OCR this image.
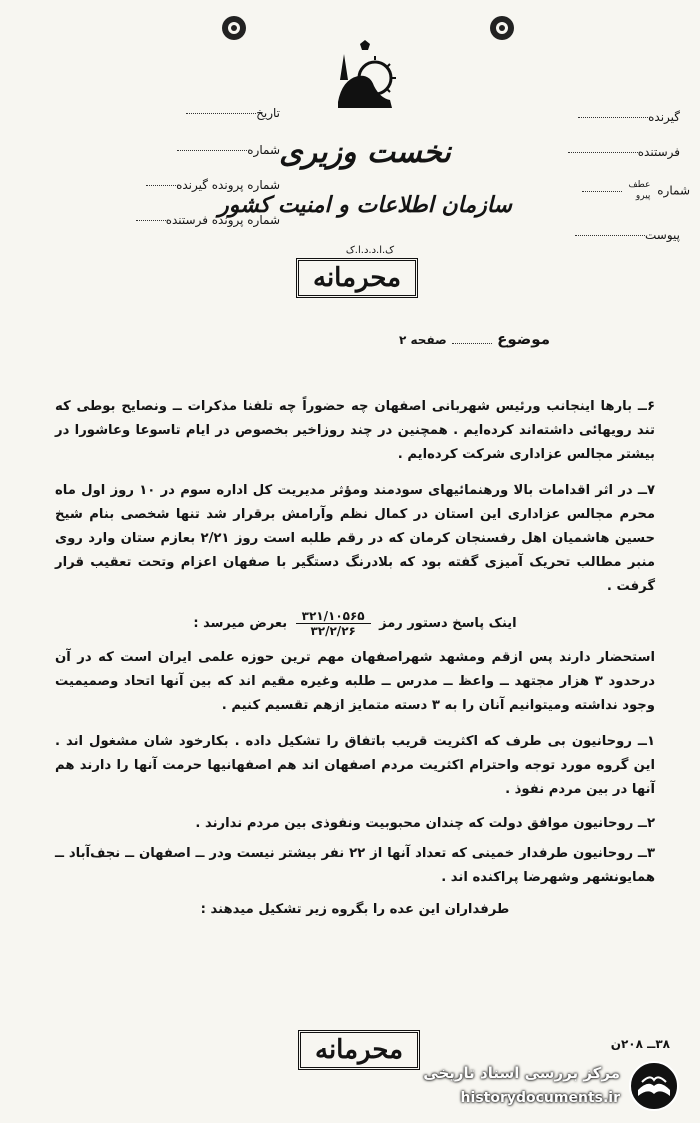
تاریخ
شماره
شماره پرونده گیرنده
شماره پرونده فرستنده
گیرنده
فرستنده
شماره
عطف
پیرو

پیوست
نخست وزیری
سازمان اطلاعات و امنیت کشور
ک.ا.د.د.ا.ک
محرمانه
موضوع  صفحه ۲

۶ــ بارها اینجانب ورئیس شهربانی اصفهان چه حضوراً چه تلفنا مذکرات ــ ونصایح بوطی که تند رویهائی داشته‌اند کرده‌ایم . همچنین در چند روزاخیر بخصوص در ایام تاسوعا وعاشورا در بیشتر مجالس عزاداری شرکت کرده‌ایم .

۷ــ در اثر اقدامات بالا ورهنمائیهای سودمند ومؤثر مدیریت کل اداره سوم در ۱۰ روز اول ماه محرم مجالس عزاداری این استان در کمال نظم وآرامش برقرار شد تنها شخصی بنام شیخ حسین هاشمیان اهل رفسنجان کرمان که در رقم طلبه است روز ۲/۲۱ بعازم ستان وارد روی منبر مطالب تحریک آمیزی گفته بود که بلادرنگ دستگیر با صفهان اعزام وتحت تعقیب قرار گرفت .

اینک پاسخ دستور رمز
$\frac{۳۲۱/۱۰۵۶۵}{۳۲/۲/۲۶}$ بعرض میرسد :

استحضار دارند پس ازقم ومشهد شهراصفهان مهم ترین حوزه علمی ایران است که در آن درحدود ۳ هزار مجتهد ــ واعظ ــ مدرس ــ طلبه وغیره مقیم اند که بین آنها اتحاد وصمیمیت وجود نداشته ومیتوانیم آنان را به ۳ دسته متمایز ازهم تقسیم کنیم .

۱ــ روحانیون بی طرف که اکثریت قریب باتفاق را تشکیل داده . بکارخود شان مشغول اند . این گروه مورد توجه واحترام اکثریت مردم اصفهان اند هم اصفهانیها حرمت آنها را دارند هم آنها در بین مردم نفوذ .

۲ــ روحانیون موافق دولت که چندان محبوبیت ونفوذی بین مردم ندارند .

۳ــ روحانیون طرفدار خمینی که تعداد آنها از ۲۲ نفر بیشتر نیست ودر ــ اصفهان ــ نجف‌آباد ــ همایونشهر وشهرضا پراکنده اند .

طرفداران این عده را بگروه زیر تشکیل میدهند :

۳۸ــ ۲۰۸ن
محرمانه
مرکز بررسی اسناد تاریخی
historydocuments.ir
